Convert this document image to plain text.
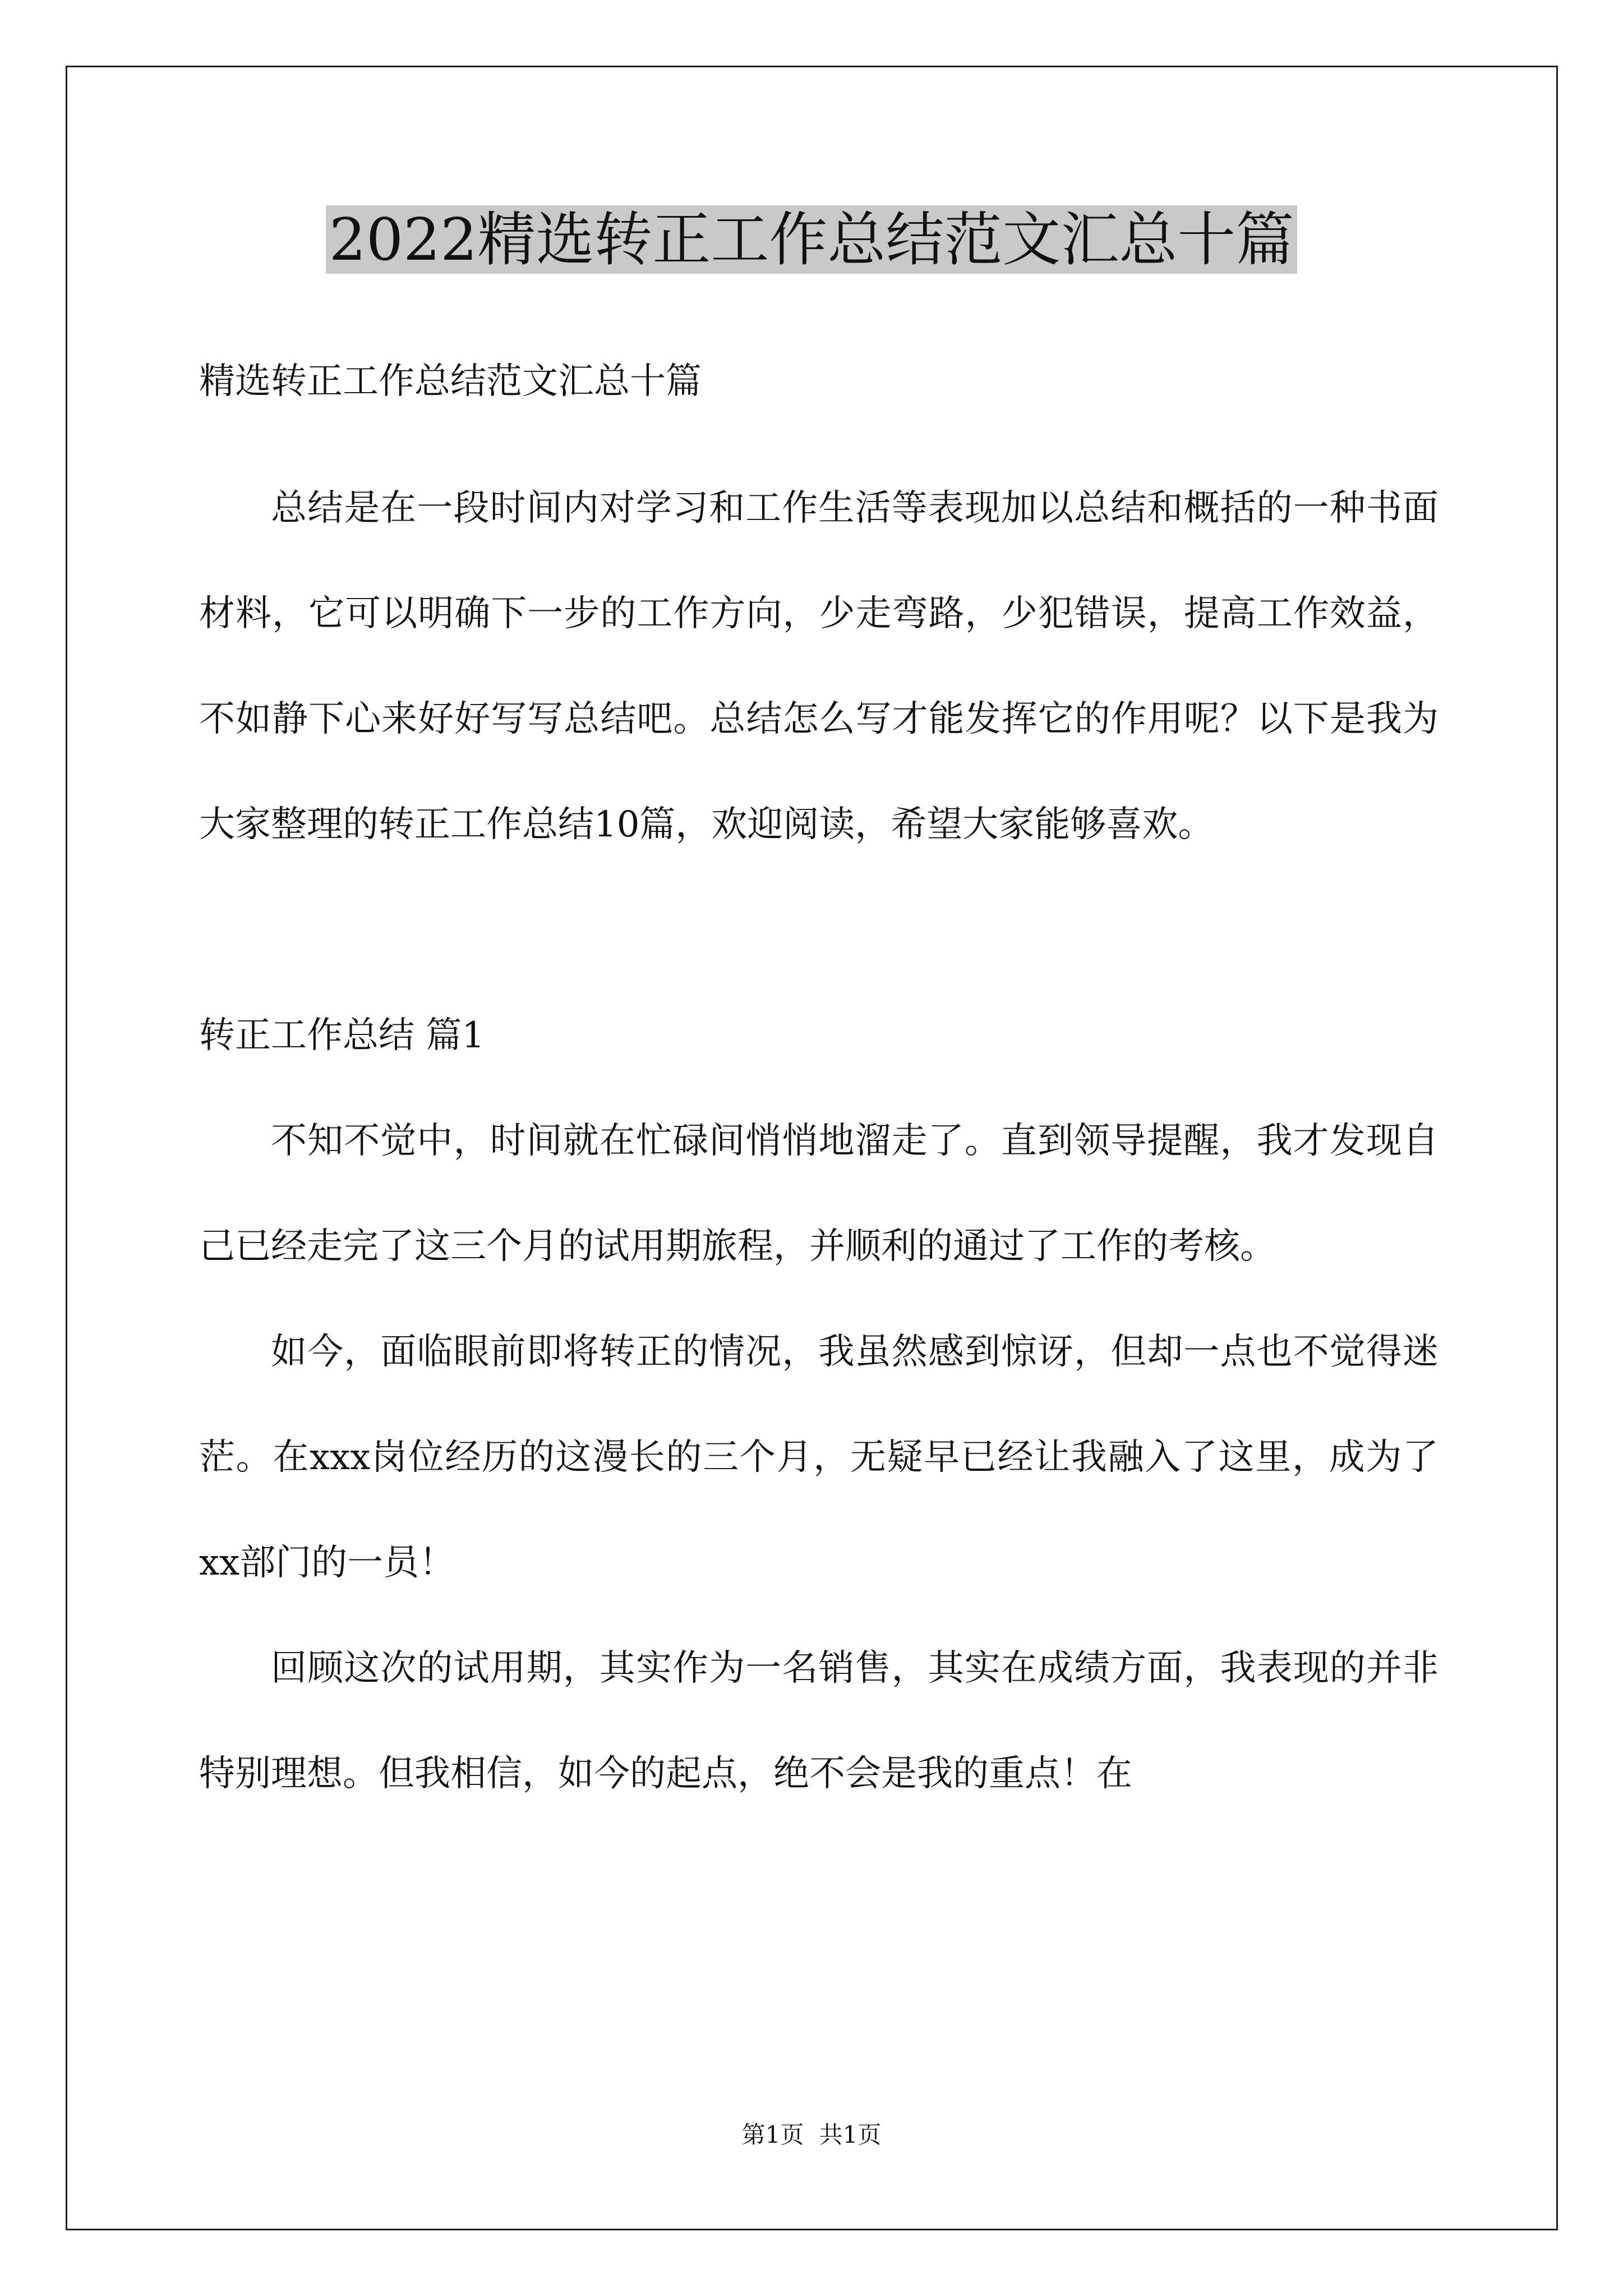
2022精选转正工作总结范文汇总十篇

精选转正工作总结范文汇总十篇

总结是在一段时间内对学习和工作生活等表现加以总结和概括的一种书面材料，它可以明确下一步的工作方向，少走弯路，少犯错误，提高工作效益，不如静下心来好好写写总结吧。总结怎么写才能发挥它的作用呢？以下是我为大家整理的转正工作总结10篇，欢迎阅读，希望大家能够喜欢。

转正工作总结 篇1

不知不觉中，时间就在忙碌间悄悄地溜走了。直到领导提醒，我才发现自己已经走完了这三个月的试用期旅程，并顺利的通过了工作的考核。

如今，面临眼前即将转正的情况，我虽然感到惊讶，但却一点也不觉得迷茫。在xxx岗位经历的这漫长的三个月，无疑早已经让我融入了这里，成为了xx部门的一员！

回顾这次的试用期，其实作为一名销售，其实在成绩方面，我表现的并非特别理想。但我相信，如今的起点，绝不会是我的重点！在

第1页 共1页
